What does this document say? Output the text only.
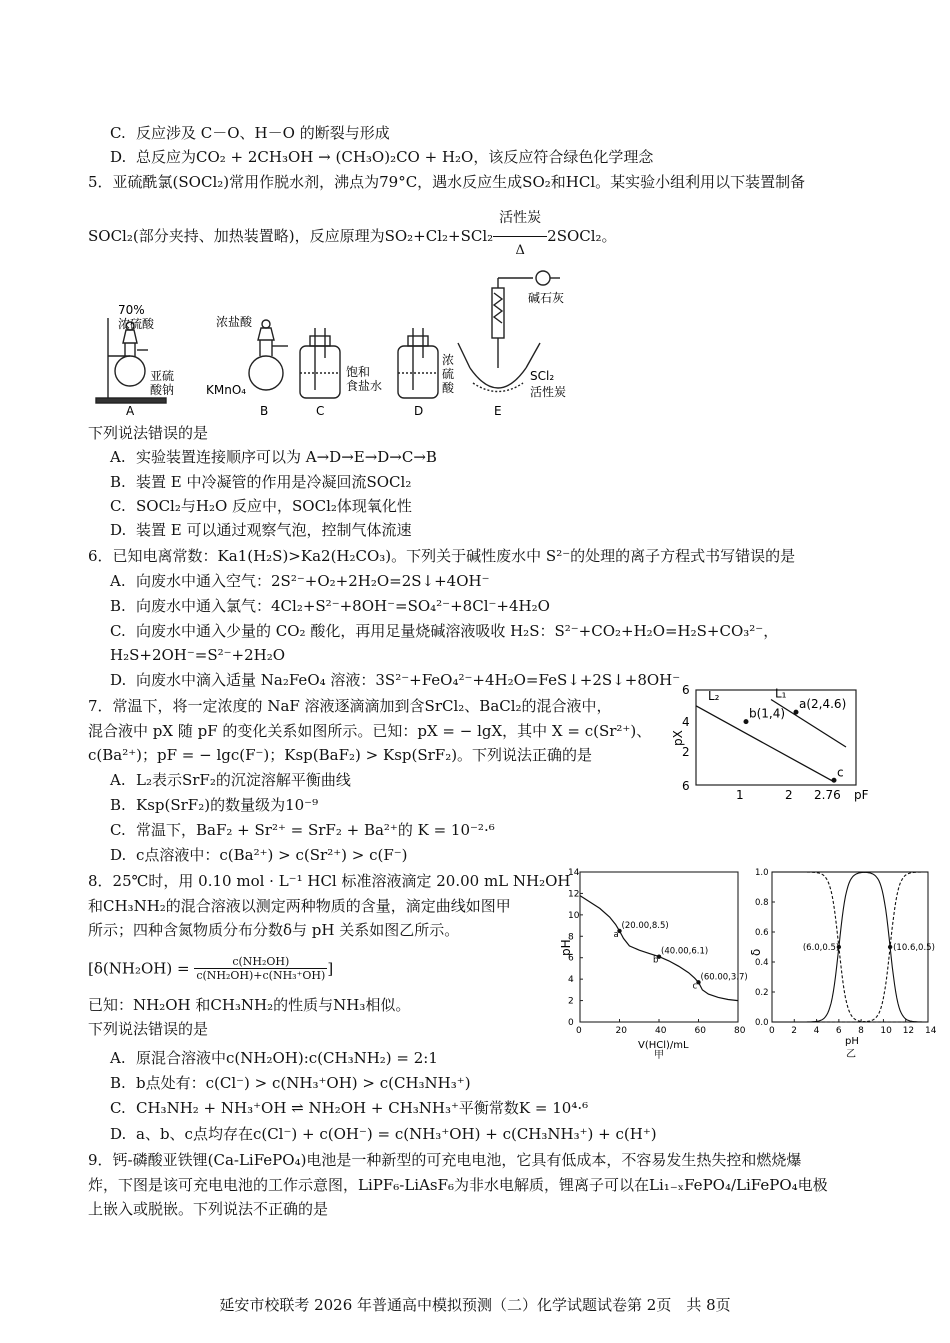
C. 反应涉及 C－O、H－O 的断裂与形成
D. 总反应为CO₂ + 2CH₃OH → (CH₃O)₂CO + H₂O，该反应符合绿色化学理念
5．亚硫酰氯(SOCl₂)常用作脱水剂，沸点为79°C，遇水反应生成SO₂和HCl。某实验小组利用以下装置制备
SOCl₂(部分夹持、加热装置略)，反应原理为SO₂+Cl₂+SCl₂
活性炭
Δ
2SOCl₂。
70%
浓硫酸
亚硫
酸钠
A
浓盐酸
KMnO₄
B
饱和
食盐水
C
浓
硫
酸
D
碱石灰
SCl₂
活性炭
E
下列说法错误的是
A. 实验装置连接顺序可以为 A→D→E→D→C→B
B. 装置 E 中冷凝管的作用是冷凝回流SOCl₂
C. SOCl₂与H₂O 反应中，SOCl₂体现氧化性
D. 装置 E 可以通过观察气泡，控制气体流速
6．已知电离常数：Ka1(H₂S)>Ka2(H₂CO₃)。下列关于碱性废水中 S²⁻的处理的离子方程式书写错误的是
A. 向废水中通入空气：2S²⁻+O₂+2H₂O=2S↓+4OH⁻
B. 向废水中通入氯气：4Cl₂+S²⁻+8OH⁻=SO₄²⁻+8Cl⁻+4H₂O
C. 向废水中通入少量的 CO₂ 酸化，再用足量烧碱溶液吸收 H₂S：S²⁻+CO₂+H₂O=H₂S+CO₃²⁻，
H₂S+2OH⁻=S²⁻+2H₂O
D. 向废水中滴入适量 Na₂FeO₄ 溶液：3S²⁻+FeO₄²⁻+4H₂O=FeS↓+2S↓+8OH⁻
7．常温下，将一定浓度的 NaF 溶液逐滴滴加到含SrCl₂、BaCl₂的混合液中，
混合液中 pX 随 pF 的变化关系如图所示。已知：pX = − lgX，其中 X = c(Sr²⁺)、
c(Ba²⁺)；pF = − lgc(F⁻)；Ksp(BaF₂) > Ksp(SrF₂)。下列说法正确的是
A. L₂表示SrF₂的沉淀溶解平衡曲线
B. Ksp(SrF₂)的数量级为10⁻⁹
C. 常温下，BaF₂ + Sr²⁺ = SrF₂ + Ba²⁺的 K = 10⁻²·⁶
D. c点溶液中：c(Ba²⁺) > c(Sr²⁺) > c(F⁻)
6
4
2
6
pX
1	2 2.76 pF
L₁
L₂
b(1,4)
a(2,4.6)
c
8．25℃时，用 0.10 mol · L⁻¹ HCl 标准溶液滴定 20.00 mL NH₂OH
和CH₃NH₂的混合溶液以测定两种物质的含量，滴定曲线如图甲
所示；四种含氮物质分布分数δ与 pH 关系如图乙所示。
[$\delta(NH_2OH) = \frac{\text{c(NH₂OH)}}{\text{c(NH₂OH)+c(NH₃⁺OH)}}$ ]
已知：NH₂OH 和CH₃NH₂的性质与NH₃相似。
下列说法错误的是
A. 原混合溶液中c(NH₂OH):c(CH₃NH₂) = 2:1
B. b点处有：c(Cl⁻) > c(NH₃⁺OH) > c(CH₃NH₃⁺)
C. CH₃NH₂ + NH₃⁺OH ⇌ NH₂OH + CH₃NH₃⁺平衡常数K = 10⁴·⁶
D. a、b、c点均存在c(Cl⁻) + c(OH⁻) = c(NH₃⁺OH) + c(CH₃NH₃⁺) + c(H⁺)
0
2
4
6
8
10
12
14
0	20	40	60	80
pH
V(HCl)/mL
甲
(20.00,8.5)
a
(40.00,6.1)
b
(60.00,3.7)
c
0.0
0.2
0.4
0.6
0.8
1.0
0 2 4 6 8 10 12 14
δ
pH
乙
(6.0,0.5)	(10.6,0.5)
9．钙-磷酸亚铁锂(Ca-LiFePO₄)电池是一种新型的可充电电池，它具有低成本，不容易发生热失控和燃烧爆
炸，下图是该可充电电池的工作示意图，LiPF₆-LiAsF₆为非水电解质，锂离子可以在Li₁₋ₓFePO₄/LiFePO₄电极
上嵌入或脱嵌。下列说法不正确的是
延安市校联考 2026 年普通高中模拟预测（二）化学试题试卷第 2页　共 8页
